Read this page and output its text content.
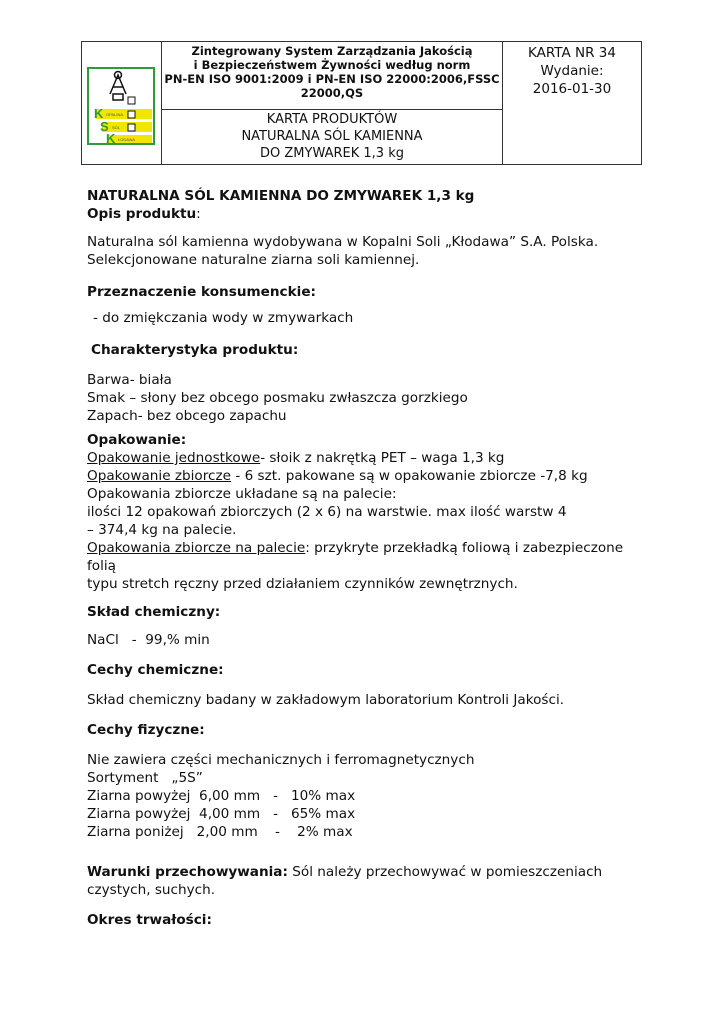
K
S
K
OPALINA
SÓL
ŁODAWA
Zintegrowany System Zarządzania Jakością
i Bezpieczeństwem Żywności według norm
PN-EN ISO 9001:2009 i PN-EN ISO 22000:2006,FSSC
22000,QS
KARTA PRODUKTÓW
NATURALNA SÓL KAMIENNA
DO ZMYWAREK 1,3 kg
KARTA NR 34
Wydanie:
2016-01-30

NATURALNA SÓL KAMIENNA DO ZMYWAREK 1,3 kg

Opis produktu:

Naturalna sól kamienna wydobywana w Kopalni Soli „Kłodawa” S.A. Polska.

Selekcjonowane naturalne ziarna soli kamiennej.

Przeznaczenie konsumenckie:

- do zmiękczania wody w zmywarkach

Charakterystyka produktu:

Barwa- biała

Smak – słony bez obcego posmaku zwłaszcza gorzkiego

Zapach- bez obcego zapachu

Opakowanie:

Opakowanie jednostkowe- słoik z nakrętką PET – waga 1,3 kg

Opakowanie zbiorcze - 6 szt. pakowane są w opakowanie zbiorcze -7,8 kg

Opakowania zbiorcze układane są na palecie:

ilości 12 opakowań zbiorczych (2 x 6) na warstwie. max ilość warstw 4

– 374,4 kg na palecie.

Opakowania zbiorcze na palecie: przykryte przekładką foliową i zabezpieczone folią

typu stretch ręczny przed działaniem czynników zewnętrznych.

Skład chemiczny:

NaCl   -  99,% min

Cechy chemiczne:

Skład chemiczny badany w zakładowym laboratorium Kontroli Jakości.

Cechy fizyczne:

Nie zawiera części mechanicznych i ferromagnetycznych

Sortyment   „5S”

Ziarna powyżej  6,00 mm   -   10% max

Ziarna powyżej  4,00 mm   -   65% max

Ziarna poniżej   2,00 mm    -    2% max

Warunki przechowywania: Sól należy przechowywać w pomieszczeniach

czystych, suchych.

Okres trwałości:
